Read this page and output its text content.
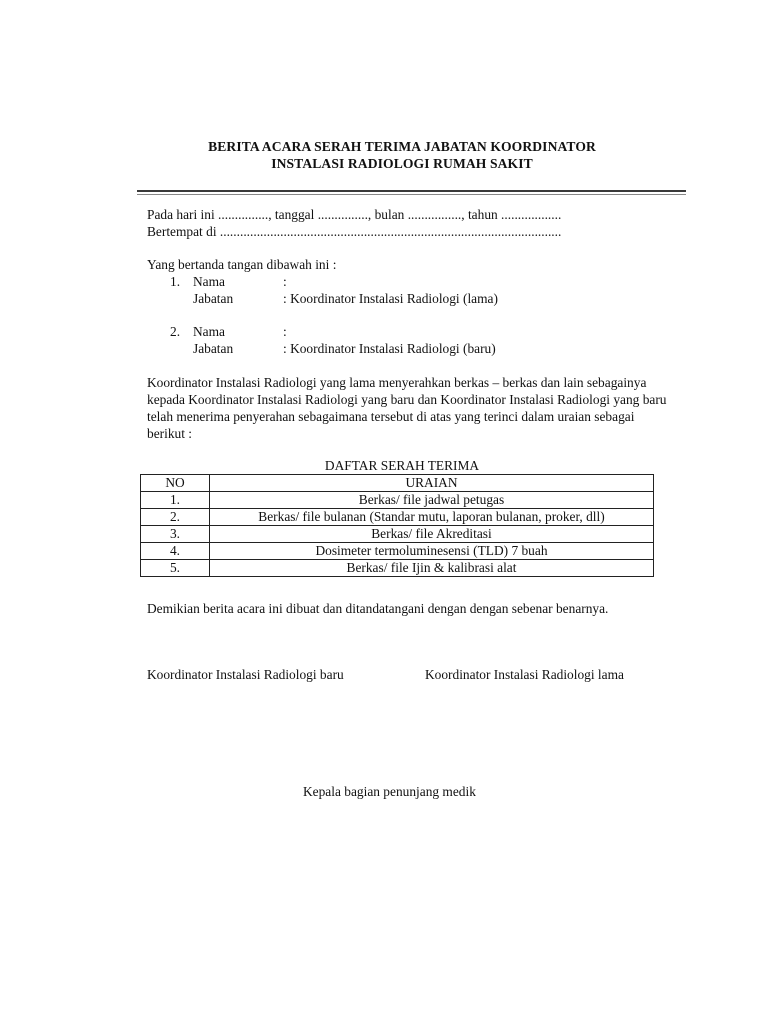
BERITA ACARA SERAH TERIMA JABATAN KOORDINATOR
INSTALASI RADIOLOGI RUMAH SAKIT
Pada hari ini ..............., tanggal ..............., bulan ................, tahun ..................
Bertempat di ......................................................................................................
Yang bertanda tangan dibawah ini :
1. Nama	:
Jabatan	: Koordinator Instalasi Radiologi (lama)
2. Nama	:
Jabatan	: Koordinator Instalasi Radiologi (baru)
Koordinator Instalasi Radiologi yang lama menyerahkan berkas – berkas dan lain sebagainya kepada Koordinator Instalasi Radiologi yang baru dan Koordinator Instalasi Radiologi yang baru telah menerima penyerahan sebagaimana tersebut di atas yang terinci dalam uraian sebagai berikut :
DAFTAR SERAH TERIMA
NO	URAIAN
1.	Berkas/ file jadwal petugas
2.	Berkas/ file bulanan (Standar mutu, laporan bulanan, proker, dll)
3.	Berkas/ file Akreditasi
4.	Dosimeter termoluminesensi (TLD) 7 buah
5.	Berkas/ file Ijin & kalibrasi alat
Demikian berita acara ini dibuat dan ditandatangani dengan dengan sebenar benarnya.
Koordinator Instalasi Radiologi baru	Koordinator Instalasi Radiologi lama
Kepala bagian penunjang medik
